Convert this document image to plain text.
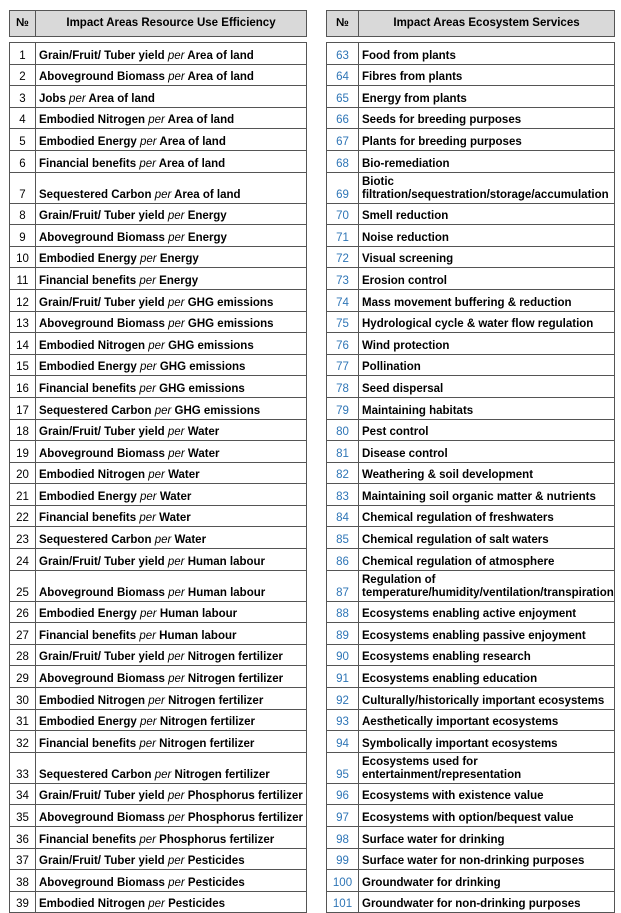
№	Impact Areas Resource Use Efficiency

1	Grain/Fruit/ Tuber yield per Area of land
2	Aboveground Biomass per Area of land
3	Jobs per Area of land
4	Embodied Nitrogen per Area of land
5	Embodied Energy per Area of land
6	Financial benefits per Area of land
7	Sequestered Carbon per Area of land
8	Grain/Fruit/ Tuber yield per Energy
9	Aboveground Biomass per Energy
10	Embodied Energy per Energy
11	Financial benefits per Energy
12	Grain/Fruit/ Tuber yield per GHG emissions
13	Aboveground Biomass per GHG emissions
14	Embodied Nitrogen per GHG emissions
15	Embodied Energy per GHG emissions
16	Financial benefits per GHG emissions
17	Sequestered Carbon per GHG emissions
18	Grain/Fruit/ Tuber yield per Water
19	Aboveground Biomass per Water
20	Embodied Nitrogen per Water
21	Embodied Energy per Water
22	Financial benefits per Water
23	Sequestered Carbon per Water
24	Grain/Fruit/ Tuber yield per Human labour
25	Aboveground Biomass per Human labour
26	Embodied Energy per Human labour
27	Financial benefits per Human labour
28	Grain/Fruit/ Tuber yield per Nitrogen fertilizer
29	Aboveground Biomass per Nitrogen fertilizer
30	Embodied Nitrogen per Nitrogen fertilizer
31	Embodied Energy per Nitrogen fertilizer
32	Financial benefits per Nitrogen fertilizer
33	Sequestered Carbon per Nitrogen fertilizer
34	Grain/Fruit/ Tuber yield per Phosphorus fertilizer
35	Aboveground Biomass per Phosphorus fertilizer
36	Financial benefits per Phosphorus fertilizer
37	Grain/Fruit/ Tuber yield per Pesticides
38	Aboveground Biomass per Pesticides
39	Embodied Nitrogen per Pesticides
№	Impact Areas Ecosystem Services

63	Food from plants
64	Fibres from plants
65	Energy from plants
66	Seeds for breeding purposes
67	Plants for breeding purposes
68	Bio-remediation
69	Biotic filtration/sequestration/storage/accumulation
70	Smell reduction
71	Noise reduction
72	Visual screening
73	Erosion control
74	Mass movement buffering & reduction
75	Hydrological cycle & water flow regulation
76	Wind protection
77	Pollination
78	Seed dispersal
79	Maintaining habitats
80	Pest control
81	Disease control
82	Weathering & soil development
83	Maintaining soil organic matter & nutrients
84	Chemical regulation of freshwaters
85	Chemical regulation of salt waters
86	Chemical regulation of atmosphere
87	Regulation of temperature/humidity/ventilation/transpiration
88	Ecosystems enabling active enjoyment
89	Ecosystems enabling passive enjoyment
90	Ecosystems enabling research
91	Ecosystems enabling education
92	Culturally/historically important ecosystems
93	Aesthetically important ecosystems
94	Symbolically important ecosystems
95	Ecosystems used for entertainment/representation
96	Ecosystems with existence value
97	Ecosystems with option/bequest value
98	Surface water for drinking
99	Surface water for non-drinking purposes
100	Groundwater for drinking
101	Groundwater for non-drinking purposes
